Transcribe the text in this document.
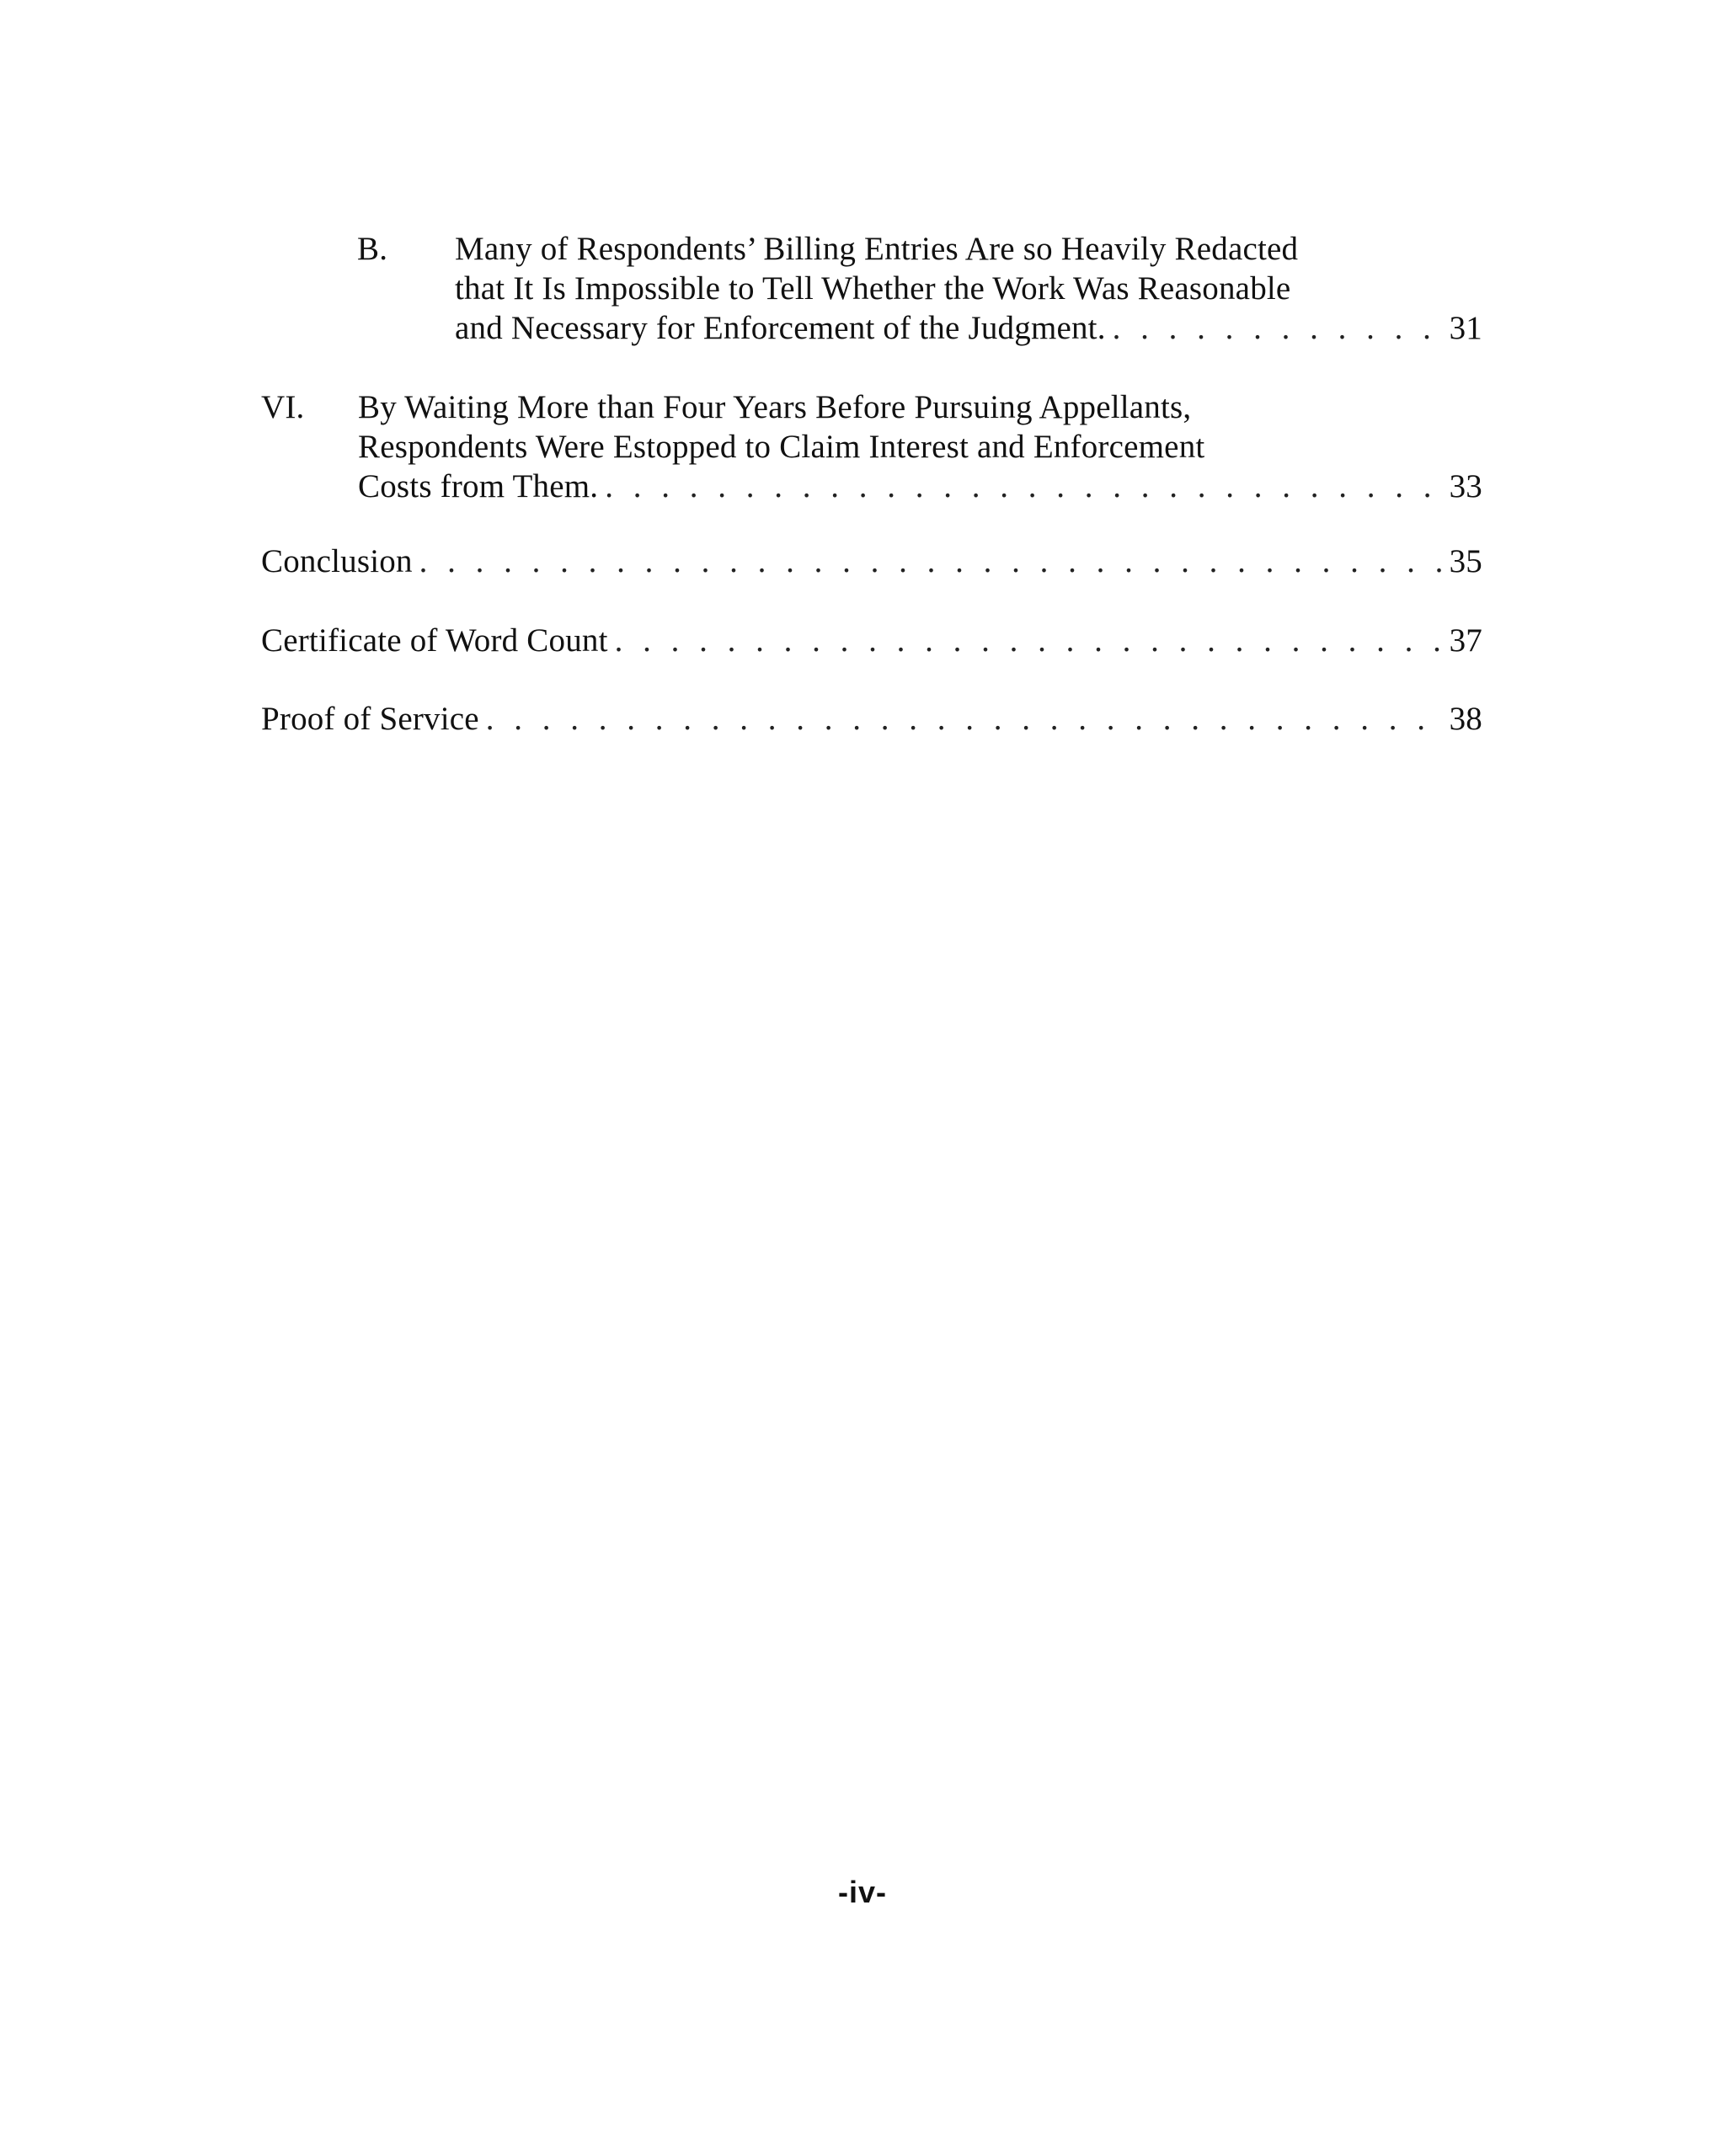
B. Many of Respondents’ Billing Entries Are so Heavily Redacted
that It Is Impossible to Tell Whether the Work Was Reasonable
and Necessary for Enforcement of the Judgment. . . .	31
VI. By Waiting More than Four Years Before Pursuing Appellants,
Respondents Were Estopped to Claim Interest and Enforcement
Costs from Them. . . .	33
Conclusion . . .	35
Certificate of Word Count . . .	37
Proof of Service . . .	38
-iv-
